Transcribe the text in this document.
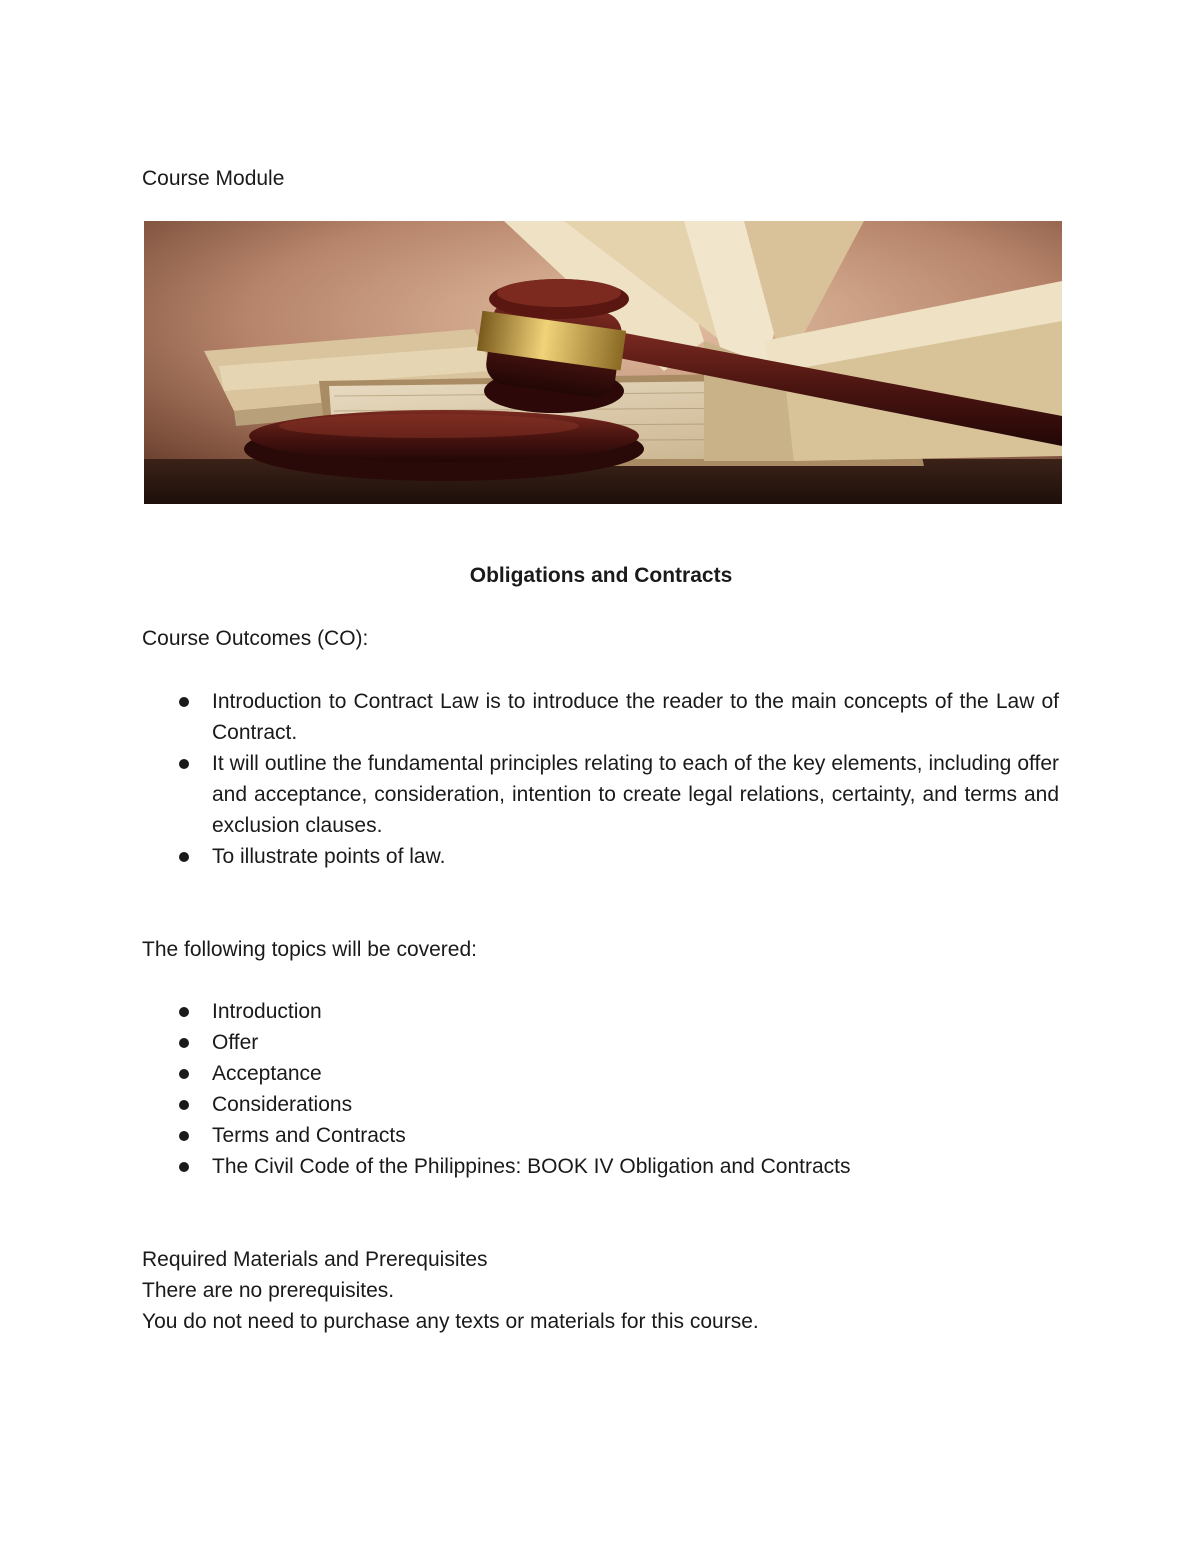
Course Module
Obligations and Contracts
Course Outcomes (CO):
Introduction to Contract Law is to introduce the reader to the main concepts of the Law of Contract.
It will outline the fundamental principles relating to each of the key elements, including offer and acceptance, consideration, intention to create legal relations, certainty, and terms and exclusion clauses.
To illustrate points of law.
The following topics will be covered:
Introduction
Offer
Acceptance
Considerations
Terms and Contracts
The Civil Code of the Philippines: BOOK IV Obligation and Contracts
Required Materials and Prerequisites
There are no prerequisites.
You do not need to purchase any texts or materials for this course.
